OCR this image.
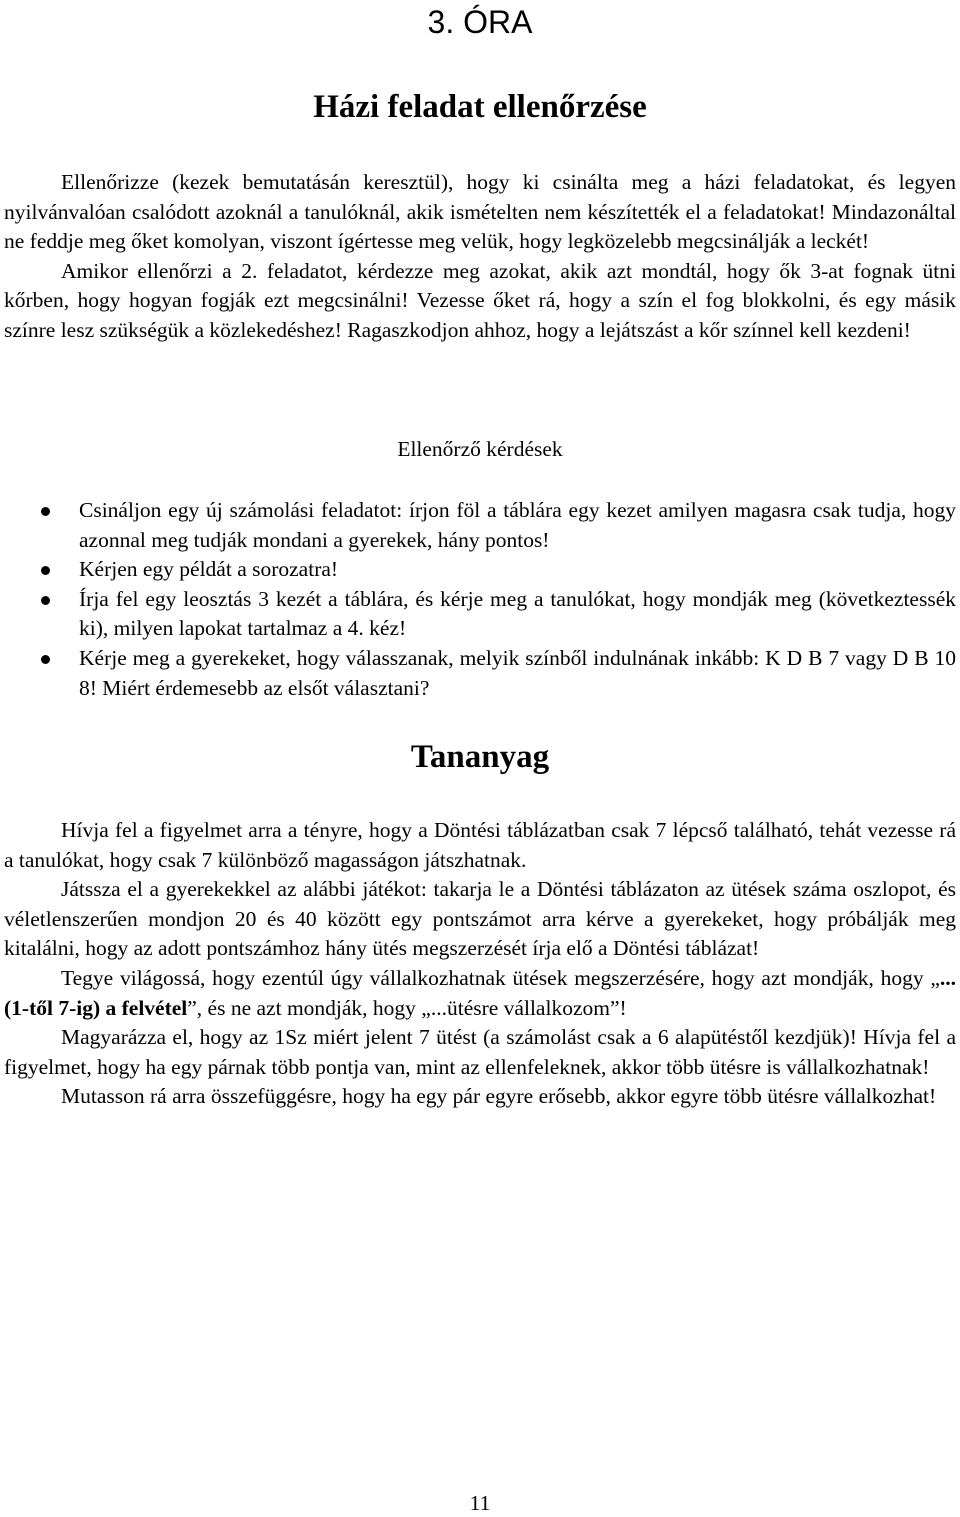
3. ÓRA
Házi feladat ellenőrzése

Ellenőrizze (kezek bemutatásán keresztül), hogy ki csinálta meg a házi feladatokat, és legyen nyilvánvalóan csalódott azoknál a tanulóknál, akik ismételten nem készítették el a feladatokat! Mindazonáltal ne feddje meg őket komolyan, viszont ígértesse meg velük, hogy legközelebb megcsinálják a leckét!

Amikor ellenőrzi a 2. feladatot, kérdezze meg azokat, akik azt mondtál, hogy ők 3-at fognak ütni kőrben, hogy hogyan fogják ezt megcsinálni! Vezesse őket rá, hogy a szín el fog blokkolni, és egy másik színre lesz szükségük a közlekedéshez! Ragaszkodjon ahhoz, hogy a lejátszást a kőr színnel kell kezdeni!

Ellenőrző kérdések
Csináljon egy új számolási feladatot: írjon föl a táblára egy kezet amilyen magasra csak tudja, hogy azonnal meg tudják mondani a gyerekek, hány pontos!
Kérjen egy példát a sorozatra!
Írja fel egy leosztás 3 kezét a táblára, és kérje meg a tanulókat, hogy mondják meg (következtessék ki), milyen lapokat tartalmaz a 4. kéz!
Kérje meg a gyerekeket, hogy válasszanak, melyik színből indulnának inkább: K D B 7 vagy D B 10 8! Miért érdemesebb az elsőt választani?
Tananyag

Hívja fel a figyelmet arra a tényre, hogy a Döntési táblázatban csak 7 lépcső található, tehát vezesse rá a tanulókat, hogy csak 7 különböző magasságon játszhatnak.

Játssza el a gyerekekkel az alábbi játékot: takarja le a Döntési táblázaton az ütések száma oszlopot, és véletlenszerűen mondjon 20 és 40 között egy pontszámot arra kérve a gyerekeket, hogy próbálják meg kitalálni, hogy az adott pontszámhoz hány ütés megszerzését írja elő a Döntési táblázat!

Tegye világossá, hogy ezentúl úgy vállalkozhatnak ütések megszerzésére, hogy azt mondják, hogy „...(1-től 7-ig) a felvétel”, és ne azt mondják, hogy „...ütésre vállalkozom”!

Magyarázza el, hogy az 1Sz miért jelent 7 ütést (a számolást csak a 6 alapütéstől kezdjük)! Hívja fel a figyelmet, hogy ha egy párnak több pontja van, mint az ellenfeleknek, akkor több ütésre is vállalkozhatnak!

Mutasson rá arra összefüggésre, hogy ha egy pár egyre erősebb, akkor egyre több ütésre vállalkozhat!

11
